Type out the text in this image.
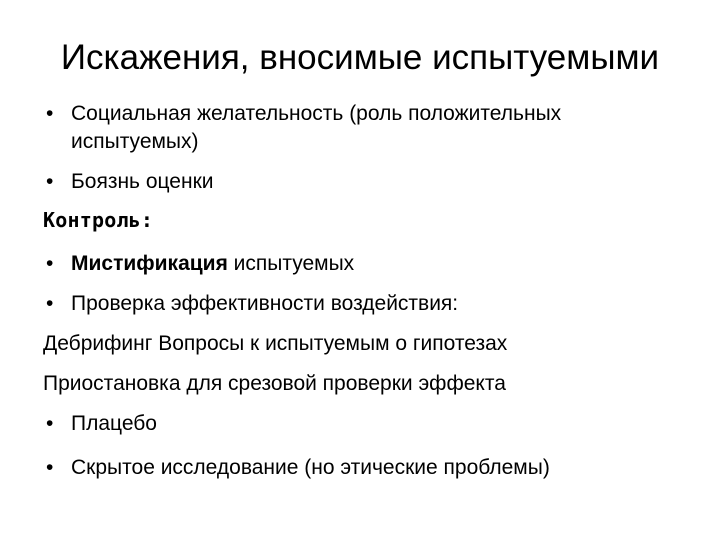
Искажения, вносимые испытуемыми
• Социальная желательность (роль положительных
испытуемых)
• Боязнь оценки
Контроль:
• Мистификация испытуемых
• Проверка эффективности воздействия:
Дебрифинг Вопросы к испытуемым о гипотезах
Приостановка для срезовой проверки эффекта
• Плацебо
• Скрытое исследование (но этические проблемы)
